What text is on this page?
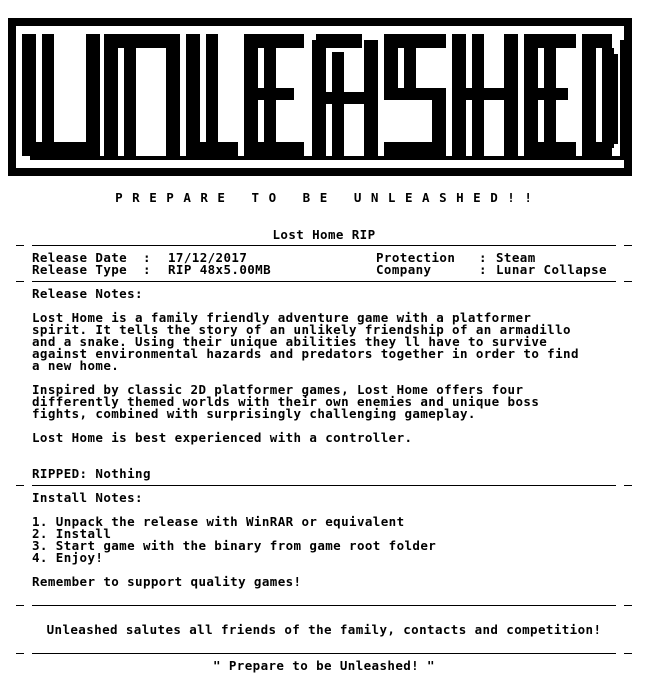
P R E P A R E   T O   B E   U N L E A S H E D ! !
Lost Home RIP
Release Date  : 17/12/2017	Protection   : Steam
Release Type  : RIP 48x5.00MB	Company      : Lunar Collapse
Release Notes:
Lost Home is a family friendly adventure game with a platformer
spirit. It tells the story of an unlikely friendship of an armadillo
and a snake. Using their unique abilities theyll have to survive
against environmental hazards and predators together in order to find
a new home.
Inspired by classic 2D platformer games, Lost Home offers four
differently themed worlds with their own enemies and unique boss
fights, combined with surprisingly challenging gameplay.
Lost Home is best experienced with a controller.
RIPPED: Nothing
Install Notes:
1. Unpack the release with WinRAR or equivalent
2. Install
3. Start game with the binary from game root folder
4. Enjoy!
Remember to support quality games!
Unleashed salutes all friends of the family, contacts and competition!
" Prepare to be Unleashed! "
